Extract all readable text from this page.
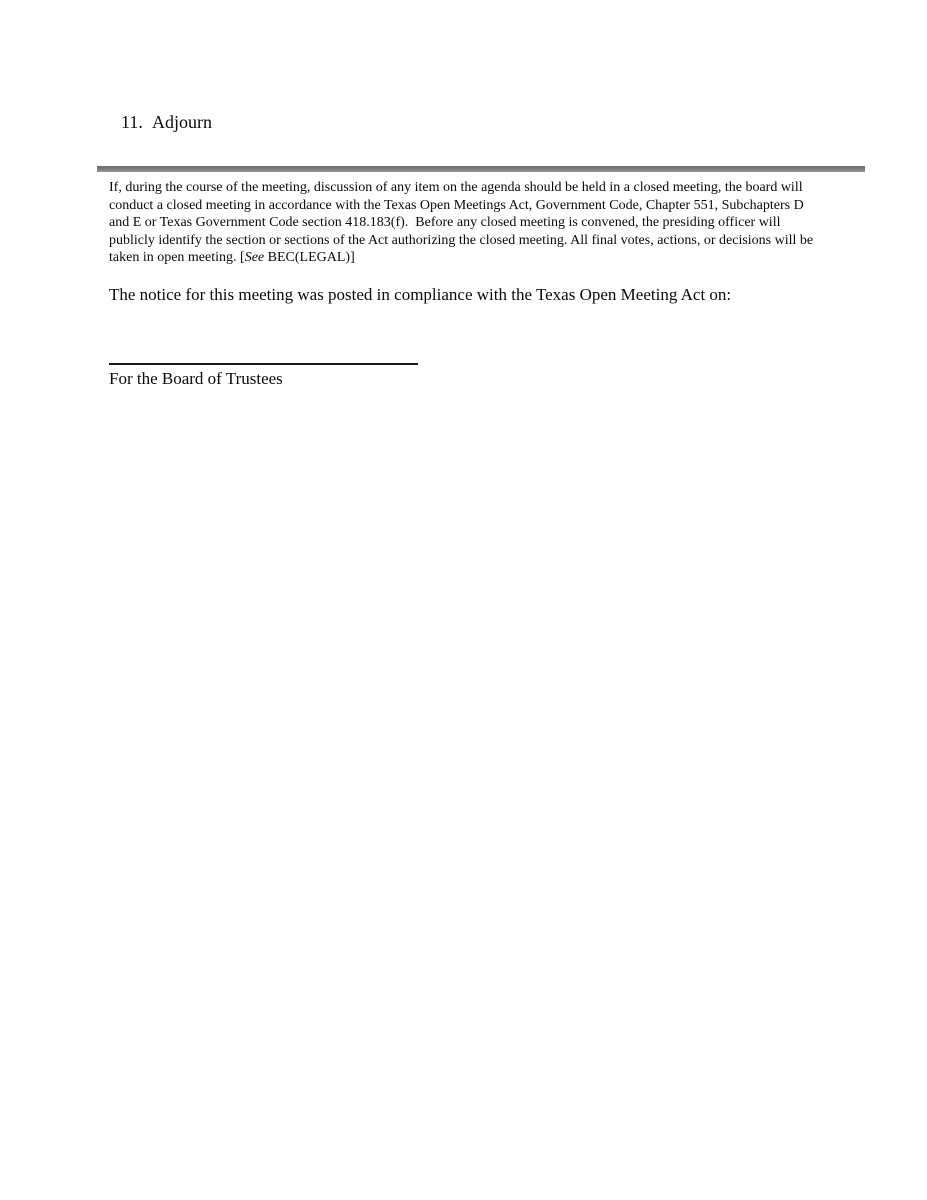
11. Adjourn

If, during the course of the meeting, discussion of any item on the agenda should be held in a closed meeting, the board will conduct a closed meeting in accordance with the Texas Open Meetings Act, Government Code, Chapter 551, Subchapters D and E or Texas Government Code section 418.183(f).  Before any closed meeting is convened, the presiding officer will publicly identify the section or sections of the Act authorizing the closed meeting. All final votes, actions, or decisions will be taken in open meeting. [See BEC(LEGAL)]

The notice for this meeting was posted in compliance with the Texas Open Meeting Act on:

For the Board of Trustees
